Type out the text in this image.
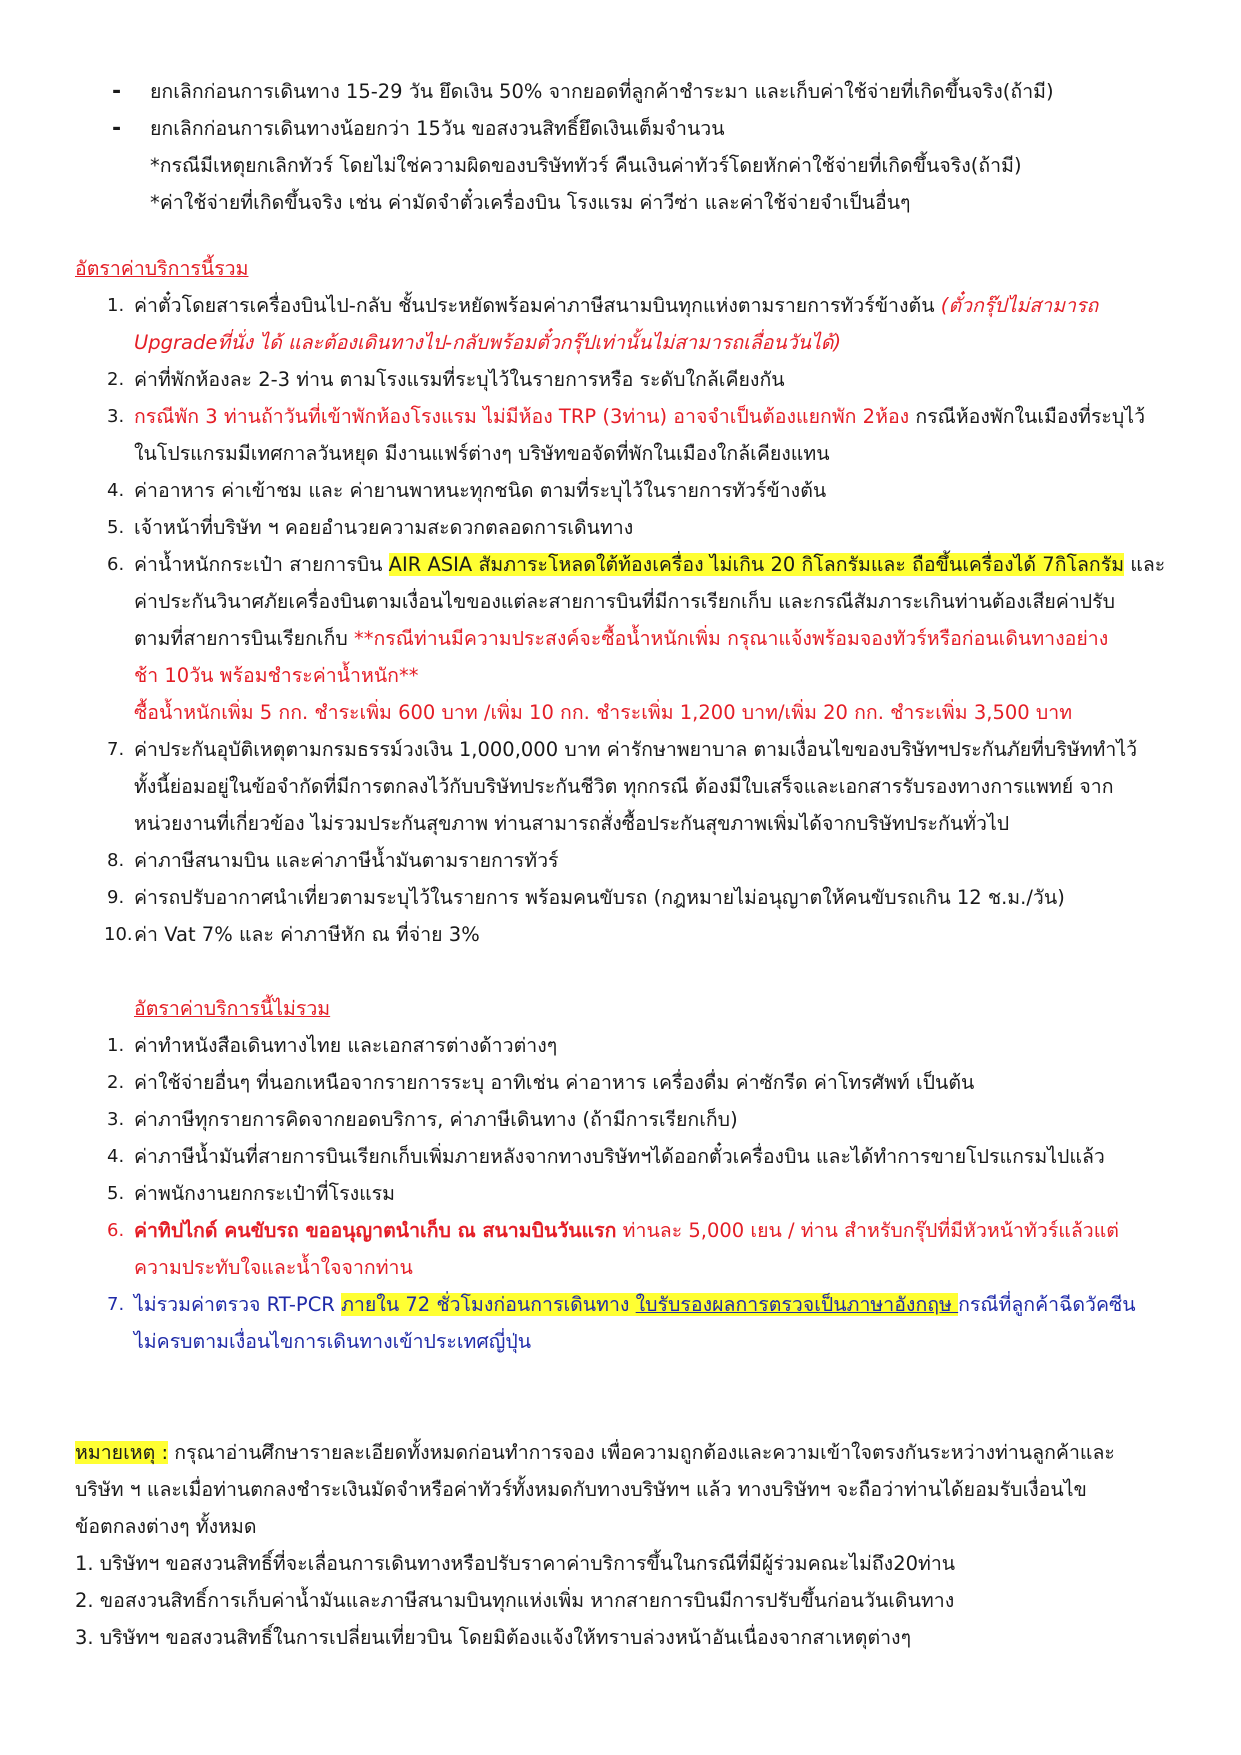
- ยกเลิกก่อนการเดินทาง 15-29 วัน ยึดเงิน 50% จากยอดที่ลูกค้าชำระมา และเก็บค่าใช้จ่ายที่เกิดขึ้นจริง(ถ้ามี)
- ยกเลิกก่อนการเดินทางน้อยกว่า 15วัน ขอสงวนสิทธิ์ยึดเงินเต็มจำนวน
*กรณีมีเหตุยกเลิกทัวร์ โดยไม่ใช่ความผิดของบริษัททัวร์ คืนเงินค่าทัวร์โดยหักค่าใช้จ่ายที่เกิดขึ้นจริง(ถ้ามี)
*ค่าใช้จ่ายที่เกิดขึ้นจริง เช่น ค่ามัดจำตั๋วเครื่องบิน โรงแรม ค่าวีซ่า และค่าใช้จ่ายจำเป็นอื่นๆ
อัตราค่าบริการนี้รวม
1. ค่าตั๋วโดยสารเครื่องบินไป-กลับ ชั้นประหยัดพร้อมค่าภาษีสนามบินทุกแห่งตามรายการทัวร์ข้างต้น (ตั๋วกรุ๊ปไม่สามารถ
Upgradeที่นั่ง ได้ และต้องเดินทางไป-กลับพร้อมตั๋วกรุ๊ปเท่านั้นไม่สามารถเลื่อนวันได้)
2. ค่าที่พักห้องละ 2-3 ท่าน ตามโรงแรมที่ระบุไว้ในรายการหรือ ระดับใกล้เคียงกัน
3. กรณีพัก 3 ท่านถ้าวันที่เข้าพักห้องโรงแรม ไม่มีห้อง TRP (3ท่าน) อาจจำเป็นต้องแยกพัก 2ห้อง กรณีห้องพักในเมืองที่ระบุไว้
ในโปรแกรมมีเทศกาลวันหยุด มีงานแฟร์ต่างๆ บริษัทขอจัดที่พักในเมืองใกล้เคียงแทน
4. ค่าอาหาร ค่าเข้าชม และ ค่ายานพาหนะทุกชนิด ตามที่ระบุไว้ในรายการทัวร์ข้างต้น
5. เจ้าหน้าที่บริษัท ฯ คอยอำนวยความสะดวกตลอดการเดินทาง
6. ค่าน้ำหนักกระเป๋า สายการบิน AIR ASIA สัมภาระโหลดใต้ท้องเครื่อง ไม่เกิน 20 กิโลกรัมและ ถือขึ้นเครื่องได้ 7กิโลกรัม และ
ค่าประกันวินาศภัยเครื่องบินตามเงื่อนไขของแต่ละสายการบินที่มีการเรียกเก็บ และกรณีสัมภาระเกินท่านต้องเสียค่าปรับ
ตามที่สายการบินเรียกเก็บ **กรณีท่านมีความประสงค์จะซื้อน้ำหนักเพิ่ม กรุณาแจ้งพร้อมจองทัวร์หรือก่อนเดินทางอย่าง
ช้า 10วัน พร้อมชำระค่าน้ำหนัก**
ซื้อน้ำหนักเพิ่ม 5 กก. ชำระเพิ่ม 600 บาท /เพิ่ม 10 กก. ชำระเพิ่ม 1,200 บาท/เพิ่ม 20 กก. ชำระเพิ่ม 3,500 บาท
7. ค่าประกันอุบัติเหตุตามกรมธรรม์วงเงิน 1,000,000 บาท ค่ารักษาพยาบาล ตามเงื่อนไขของบริษัทฯประกันภัยที่บริษัททำไว้
ทั้งนี้ย่อมอยู่ในข้อจำกัดที่มีการตกลงไว้กับบริษัทประกันชีวิต ทุกกรณี ต้องมีใบเสร็จและเอกสารรับรองทางการแพทย์ จาก
หน่วยงานที่เกี่ยวข้อง ไม่รวมประกันสุขภาพ ท่านสามารถสั่งซื้อประกันสุขภาพเพิ่มได้จากบริษัทประกันทั่วไป
8. ค่าภาษีสนามบิน และค่าภาษีน้ำมันตามรายการทัวร์
9. ค่ารถปรับอากาศนำเที่ยวตามระบุไว้ในรายการ พร้อมคนขับรถ (กฎหมายไม่อนุญาตให้คนขับรถเกิน 12 ช.ม./วัน)
10. ค่า Vat 7% และ ค่าภาษีหัก ณ ที่จ่าย 3%
อัตราค่าบริการนี้ไม่รวม
1. ค่าทำหนังสือเดินทางไทย และเอกสารต่างด้าวต่างๆ
2. ค่าใช้จ่ายอื่นๆ ที่นอกเหนือจากรายการระบุ อาทิเช่น ค่าอาหาร เครื่องดื่ม ค่าซักรีด ค่าโทรศัพท์ เป็นต้น
3. ค่าภาษีทุกรายการคิดจากยอดบริการ, ค่าภาษีเดินทาง (ถ้ามีการเรียกเก็บ)
4. ค่าภาษีน้ำมันที่สายการบินเรียกเก็บเพิ่มภายหลังจากทางบริษัทฯได้ออกตั๋วเครื่องบิน และได้ทำการขายโปรแกรมไปแล้ว
5. ค่าพนักงานยกกระเป๋าที่โรงแรม
6. ค่าทิปไกด์ คนขับรถ ขออนุญาตนำเก็บ ณ สนามบินวันแรก ท่านละ 5,000 เยน / ท่าน สำหรับกรุ๊ปที่มีหัวหน้าทัวร์แล้วแต่
ความประทับใจและน้ำใจจากท่าน
7. ไม่รวมค่าตรวจ RT-PCR ภายใน 72 ชั่วโมงก่อนการเดินทาง ใบรับรองผลการตรวจเป็นภาษาอังกฤษ กรณีที่ลูกค้าฉีดวัคซีน
ไม่ครบตามเงื่อนไขการเดินทางเข้าประเทศญี่ปุ่น
หมายเหตุ : กรุณาอ่านศึกษารายละเอียดทั้งหมดก่อนทำการจอง เพื่อความถูกต้องและความเข้าใจตรงกันระหว่างท่านลูกค้าและ
บริษัท ฯ และเมื่อท่านตกลงชำระเงินมัดจำหรือค่าทัวร์ทั้งหมดกับทางบริษัทฯ แล้ว ทางบริษัทฯ จะถือว่าท่านได้ยอมรับเงื่อนไข
ข้อตกลงต่างๆ ทั้งหมด
1. บริษัทฯ ขอสงวนสิทธิ์ที่จะเลื่อนการเดินทางหรือปรับราคาค่าบริการขึ้นในกรณีที่มีผู้ร่วมคณะไม่ถึง20ท่าน
2. ขอสงวนสิทธิ์การเก็บค่าน้ำมันและภาษีสนามบินทุกแห่งเพิ่ม หากสายการบินมีการปรับขึ้นก่อนวันเดินทาง
3. บริษัทฯ ขอสงวนสิทธิ์ในการเปลี่ยนเที่ยวบิน โดยมิต้องแจ้งให้ทราบล่วงหน้าอันเนื่องจากสาเหตุต่างๆ
